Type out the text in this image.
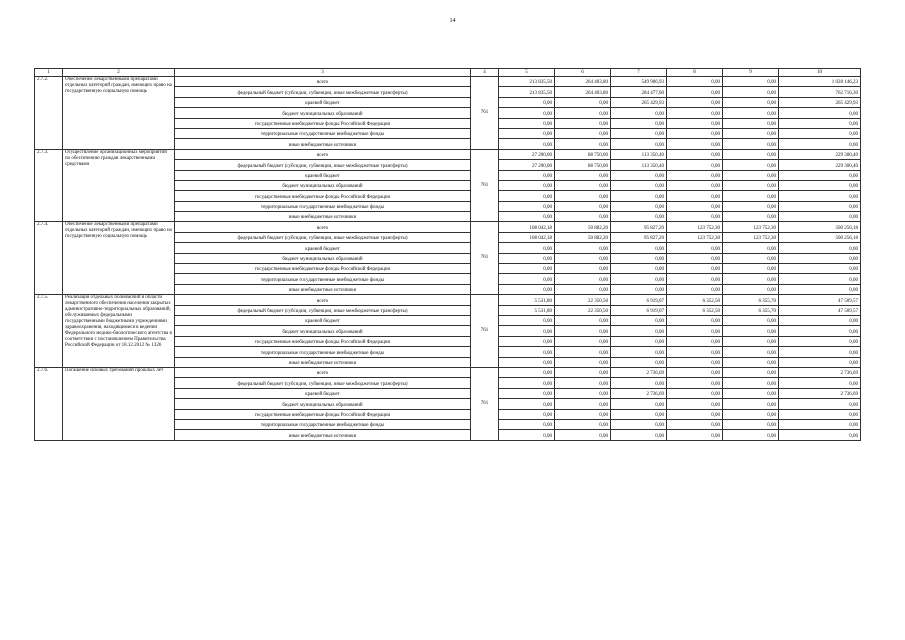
14
1	2	3	4	5	6	7	8	9	10
2.7.2.	Обеспечение лекарственными препаратами отдельных категорий граждан, имеющих право на государственную социальную помощь	всего	761	213 835,50	264 403,80	549 906,93	0,00	0,00	1 028 146,23
		федеральный бюджет (субсидии, субвенции, иные межбюджетные трансферты)		213 835,50	264 403,80	284 477,00	0,00	0,00	762 716,30
		краевой бюджет		0,00	0,00	265 429,93	0,00	0,00	265 429,93
		бюджет муниципальных образований		0,00	0,00	0,00	0,00	0,00	0,00
		государственные внебюджетные фонды Российской Федерации		0,00	0,00	0,00	0,00	0,00	0,00
		территориальные государственные внебюджетные фонды		0,00	0,00	0,00	0,00	0,00	0,00
		иные внебюджетные источники		0,00	0,00	0,00	0,00	0,00	0,00
2.7.3.	Осуществление организационных мероприятий по обеспечению граждан лекарственными средствами	всего	761	27 200,00	88 750,00	113 350,40	0,00	0,00	229 300,40
		федеральный бюджет (субсидии, субвенции, иные межбюджетные трансферты)		27 200,00	88 750,00	113 350,40	0,00	0,00	229 300,40
		краевой бюджет		0,00	0,00	0,00	0,00	0,00	0,00
		бюджет муниципальных образований		0,00	0,00	0,00	0,00	0,00	0,00
		государственные внебюджетные фонды Российской Федерации		0,00	0,00	0,00	0,00	0,00	0,00
		территориальные государственные внебюджетные фонды		0,00	0,00	0,00	0,00	0,00	0,00
		иные внебюджетные источники		0,00	0,00	0,00	0,00	0,00	0,00
2.7.4.	Обеспечение лекарственными препаратами отдельных категорий граждан, имеющих право на государственную социальную помощь	всего	761	108 042,18	50 882,20	95 827,20	123 752,30	123 752,30	500 256,18
		федеральный бюджет (субсидии, субвенции, иные межбюджетные трансферты)		108 042,18	50 882,20	95 827,20	123 752,30	123 752,30	500 256,18
		краевой бюджет		0,00	0,00	0,00	0,00	0,00	0,00
		бюджет муниципальных образований		0,00	0,00	0,00	0,00	0,00	0,00
		государственные внебюджетные фонды Российской Федерации		0,00	0,00	0,00	0,00	0,00	0,00
		территориальные государственные внебюджетные фонды		0,00	0,00	0,00	0,00	0,00	0,00
		иные внебюджетные источники		0,00	0,00	0,00	0,00	0,00	0,00
2.7.5.	Реализация отдельных полномочий в области лекарственного обеспечения населения закрытых административно-территориальных образований, обслуживаемых федеральными государственными бюджетными учреждениями здравоохранения, находящимися в ведении Федерального медико-биологического агентства в соответствии с постановлением Правительства Российской Федерации от 18.12.2012 № 1326	всего	761	5 531,80	22 350,50	6 919,07	6 352,50	6 355,70	47 509,57
		федеральный бюджет (субсидии, субвенции, иные межбюджетные трансферты)		5 531,80	22 350,50	6 919,07	6 352,50	6 355,70	47 509,57
		краевой бюджет		0,00	0,00	0,00	0,00	0,00	0,00
		бюджет муниципальных образований		0,00	0,00	0,00	0,00	0,00	0,00
		государственные внебюджетные фонды Российской Федерации		0,00	0,00	0,00	0,00	0,00	0,00
		территориальные государственные внебюджетные фонды		0,00	0,00	0,00	0,00	0,00	0,00
		иные внебюджетные источники		0,00	0,00	0,00	0,00	0,00	0,00
2.7.6.	Погашение исковых требований прошлых лет	всего	761	0,00	0,00	2 736,69	0,00	0,00	2 736,69
		федеральный бюджет (субсидии, субвенции, иные межбюджетные трансферты)		0,00	0,00	0,00	0,00	0,00	0,00
		краевой бюджет		0,00	0,00	2 736,69	0,00	0,00	2 736,69
		бюджет муниципальных образований		0,00	0,00	0,00	0,00	0,00	0,00
		государственные внебюджетные фонды Российской Федерации		0,00	0,00	0,00	0,00	0,00	0,00
		территориальные государственные внебюджетные фонды		0,00	0,00	0,00	0,00	0,00	0,00
		иные внебюджетные источники		0,00	0,00	0,00	0,00	0,00	0,00
